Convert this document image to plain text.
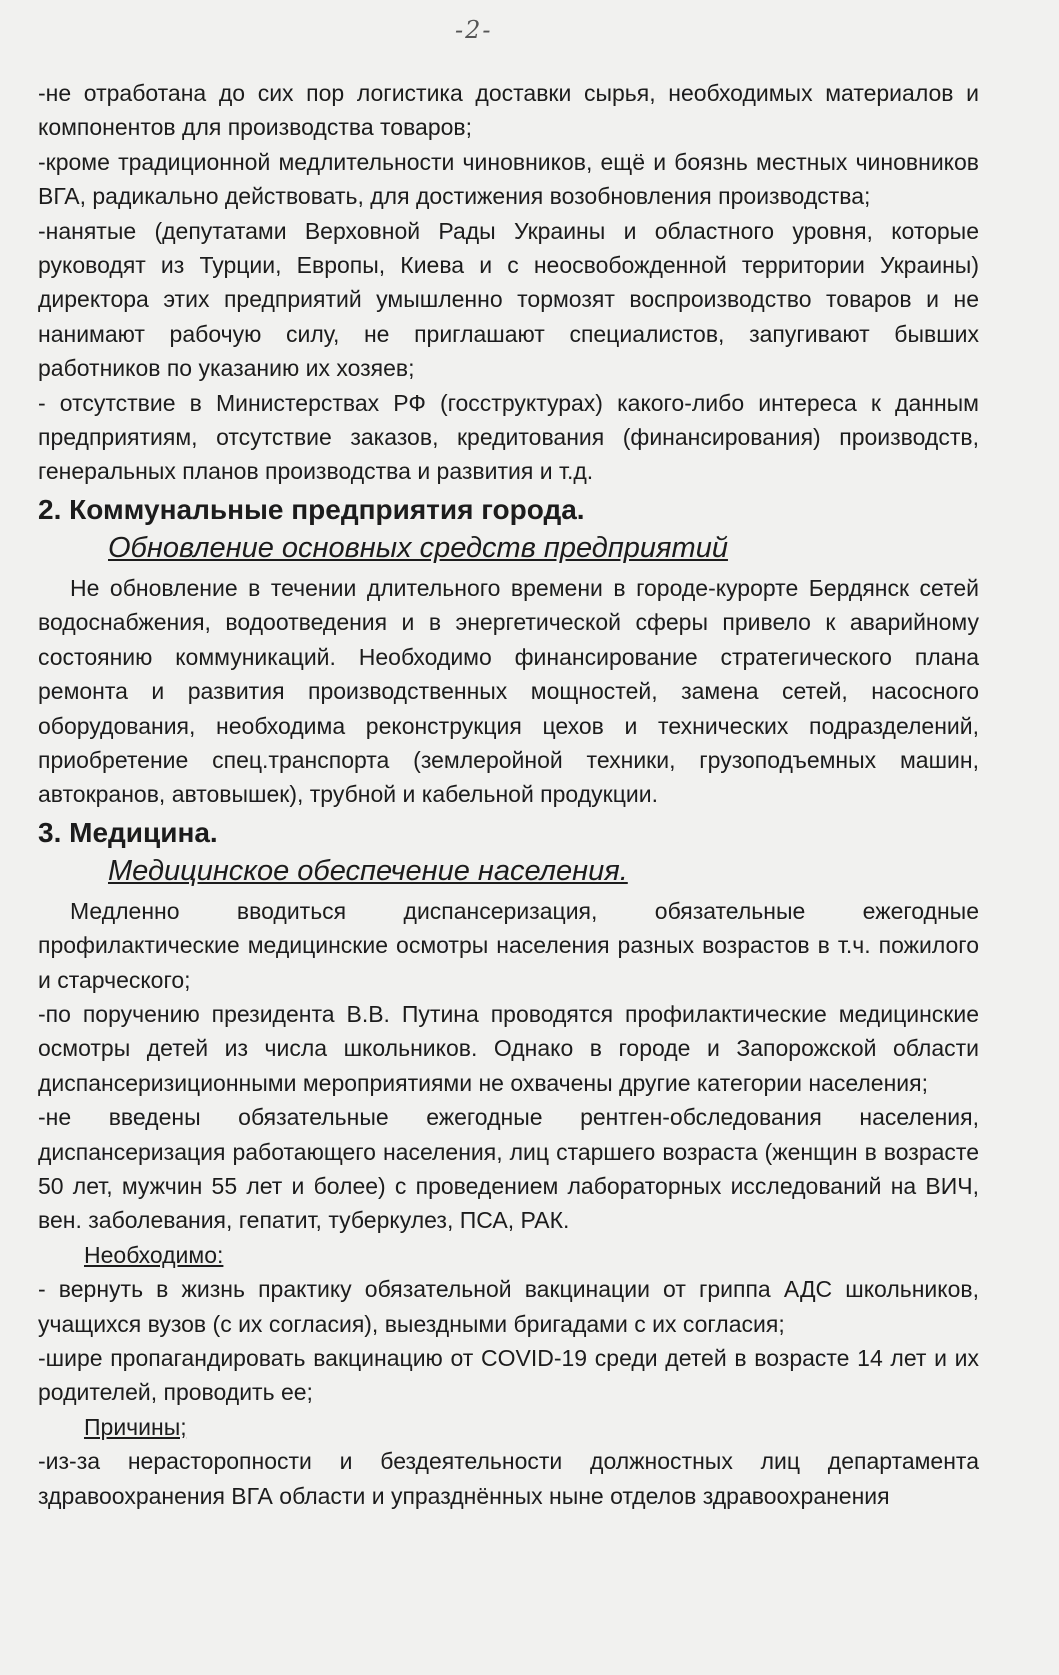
-2-

-не отработана до сих пор логистика доставки сырья, необходимых материалов и компонентов для производства товаров;

-кроме традиционной медлительности чиновников, ещё и боязнь местных чиновников ВГА, радикально действовать, для достижения возобновления производства;

-нанятые (депутатами Верховной Рады Украины и областного уровня, которые руководят из Турции, Европы, Киева и с неосвобожденной территории Украины) директора этих предприятий умышленно тормозят воспроизводство товаров и не нанимают рабочую силу, не приглашают специалистов, запугивают бывших работников по указанию их хозяев;

- отсутствие в Министерствах РФ (госструктурах) какого-либо интереса к данным предприятиям, отсутствие заказов, кредитования (финансирования) производств, генеральных планов производства и развития и т.д.

2. Коммунальные предприятия города.
Обновление основных средств предприятий

Не обновление в течении длительного времени в городе-курорте Бердянск сетей водоснабжения, водоотведения и в энергетической сферы привело к аварийному состоянию коммуникаций. Необходимо финансирование стратегического плана ремонта и развития производственных мощностей, замена сетей, насосного оборудования, необходима реконструкция цехов и технических подразделений, приобретение спец.транспорта (землеройной техники, грузоподъемных машин, автокранов, автовышек), трубной и кабельной продукции.

3. Медицина.
Медицинское обеспечение населения.

Медленно вводиться диспансеризация, обязательные ежегодные профилактические медицинские осмотры населения разных возрастов в т.ч. пожилого и старческого;

-по поручению президента В.В. Путина проводятся профилактические медицинские осмотры детей из числа школьников. Однако в городе и Запорожской области диспансеризиционными мероприятиями не охвачены другие категории населения;

-не введены обязательные ежегодные рентген-обследования населения, диспансеризация работающего населения, лиц старшего возраста (женщин в возрасте 50 лет, мужчин 55 лет и более) с проведением лабораторных исследований на ВИЧ, вен. заболевания, гепатит, туберкулез, ПСА, РАК.

Необходимо:

- вернуть в жизнь практику обязательной вакцинации от гриппа АДС школьников, учащихся вузов (с их согласия), выездными бригадами с их согласия;

-шире пропагандировать вакцинацию от COVID-19 среди детей в возрасте 14 лет и их родителей, проводить ее;

Причины;

-из-за нерасторопности и бездеятельности должностных лиц департамента здравоохранения ВГА области и упразднённых ныне отделов здравоохранения
